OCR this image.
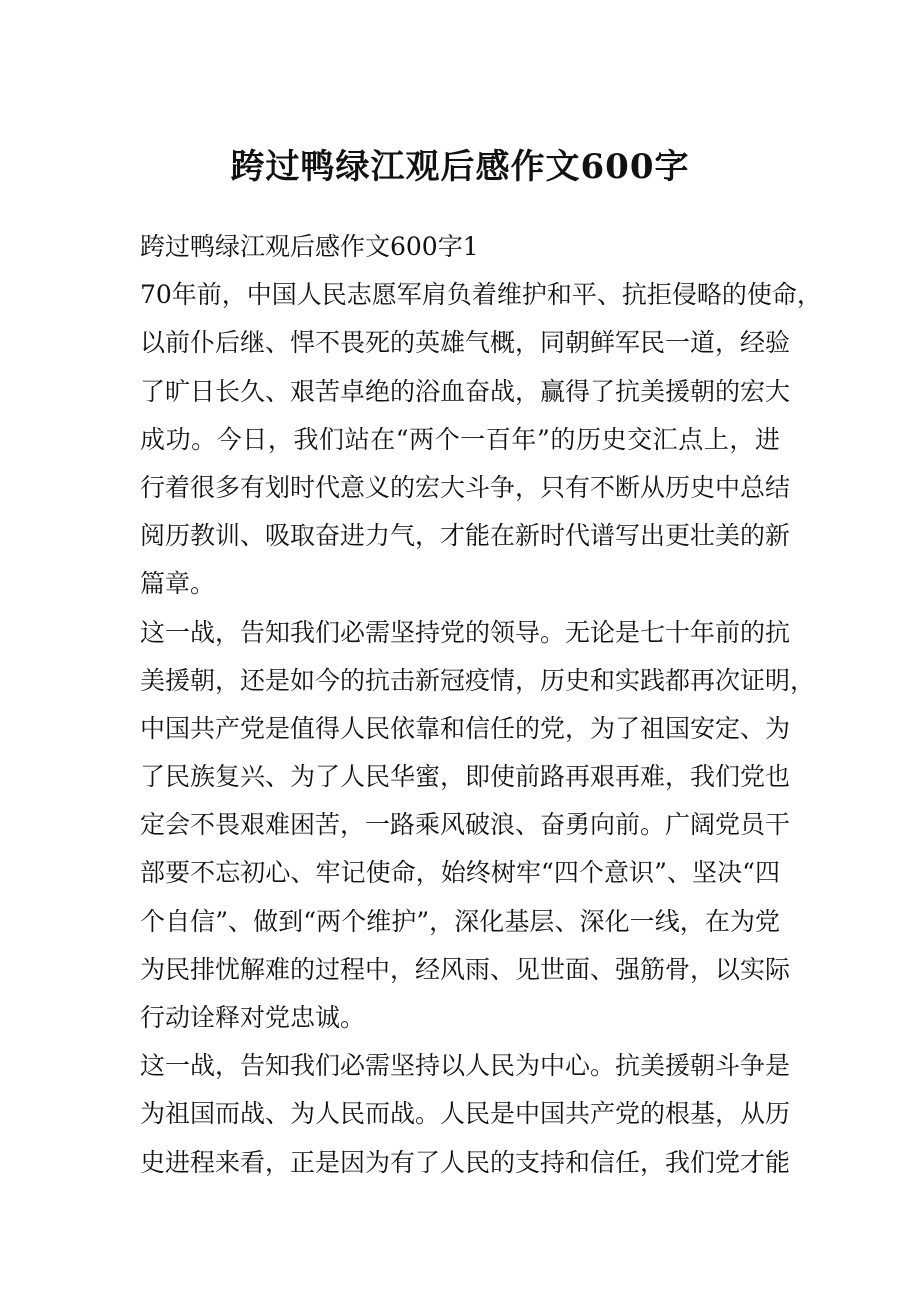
跨过鸭绿江观后感作文600字
跨过鸭绿江观后感作文600字1
70年前，中国人民志愿军肩负着维护和平、抗拒侵略的使命，
以前仆后继、悍不畏死的英雄气概，同朝鲜军民一道，经验
了旷日长久、艰苦卓绝的浴血奋战，赢得了抗美援朝的宏大
成功。今日，我们站在“两个一百年”的历史交汇点上，进
行着很多有划时代意义的宏大斗争，只有不断从历史中总结
阅历教训、吸取奋进力气，才能在新时代谱写出更壮美的新
篇章。
这一战，告知我们必需坚持党的领导。无论是七十年前的抗
美援朝，还是如今的抗击新冠疫情，历史和实践都再次证明，
中国共产党是值得人民依靠和信任的党，为了祖国安定、为
了民族复兴、为了人民华蜜，即使前路再艰再难，我们党也
定会不畏艰难困苦，一路乘风破浪、奋勇向前。广阔党员干
部要不忘初心、牢记使命，始终树牢“四个意识”、坚决“四
个自信”、做到“两个维护”，深化基层、深化一线，在为党
为民排忧解难的过程中，经风雨、见世面、强筋骨，以实际
行动诠释对党忠诚。
这一战，告知我们必需坚持以人民为中心。抗美援朝斗争是
为祖国而战、为人民而战。人民是中国共产党的根基，从历
史进程来看，正是因为有了人民的支持和信任，我们党才能
